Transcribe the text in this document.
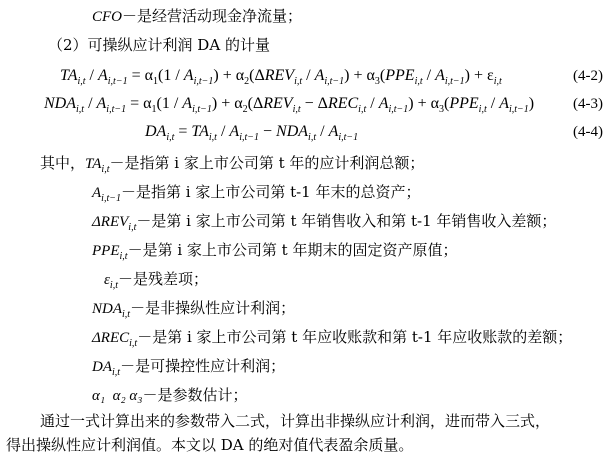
CFO－是经营活动现金净流量；
（2）可操纵应计利润 DA 的计量
$TA_{i,t} / A_{i,t-1} = \alpha_1(1 / A_{i,t-1}) + \alpha_2(\Delta REV_{i,t} / A_{i,t-1}) + \alpha_3(PPE_{i,t} / A_{i,t-1}) + \varepsilon_{i,t}$	(4-2)
$NDA_{i,t} / A_{i,t-1} = \alpha_1(1 / A_{i,t-1}) + \alpha_2(\Delta REV_{i,t} - \Delta REC_{i,t} / A_{i,t-1}) + \alpha_3(PPE_{i,t} / A_{i,t-1})$	(4-3)
$DA_{i,t} = TA_{i,t} / A_{i,t-1} - NDA_{i,t} / A_{i,t-1}$	(4-4)
其中，$TA_{i,t}-$是指第 i 家上市公司第 t 年的应计利润总额；
$A_{i,t-1}-$是指第 i 家上市公司第 t-1 年末的总资产；
$\Delta REV_{i,t}-$是第 i 家上市公司第 t 年销售收入和第 t-1 年销售收入差额；
$PPE_{i,t}-$是第 i 家上市公司第 t 年期末的固定资产原值；
$\varepsilon_{i,t}-$是残差项；
$NDA_{i,t}-$是非操纵性应计利润；
$\Delta REC_{i,t}-$是第 i 家上市公司第 t 年应收账款和第 t-1 年应收账款的差额；
$DA_{i,t}-$是可操控性应计利润；
α₁  α₂ α₃－是参数估计；
通过一式计算出来的参数带入二式，计算出非操纵应计利润，进而带入三式，
得出操纵性应计利润值。本文以 DA 的绝对值代表盈余质量。
